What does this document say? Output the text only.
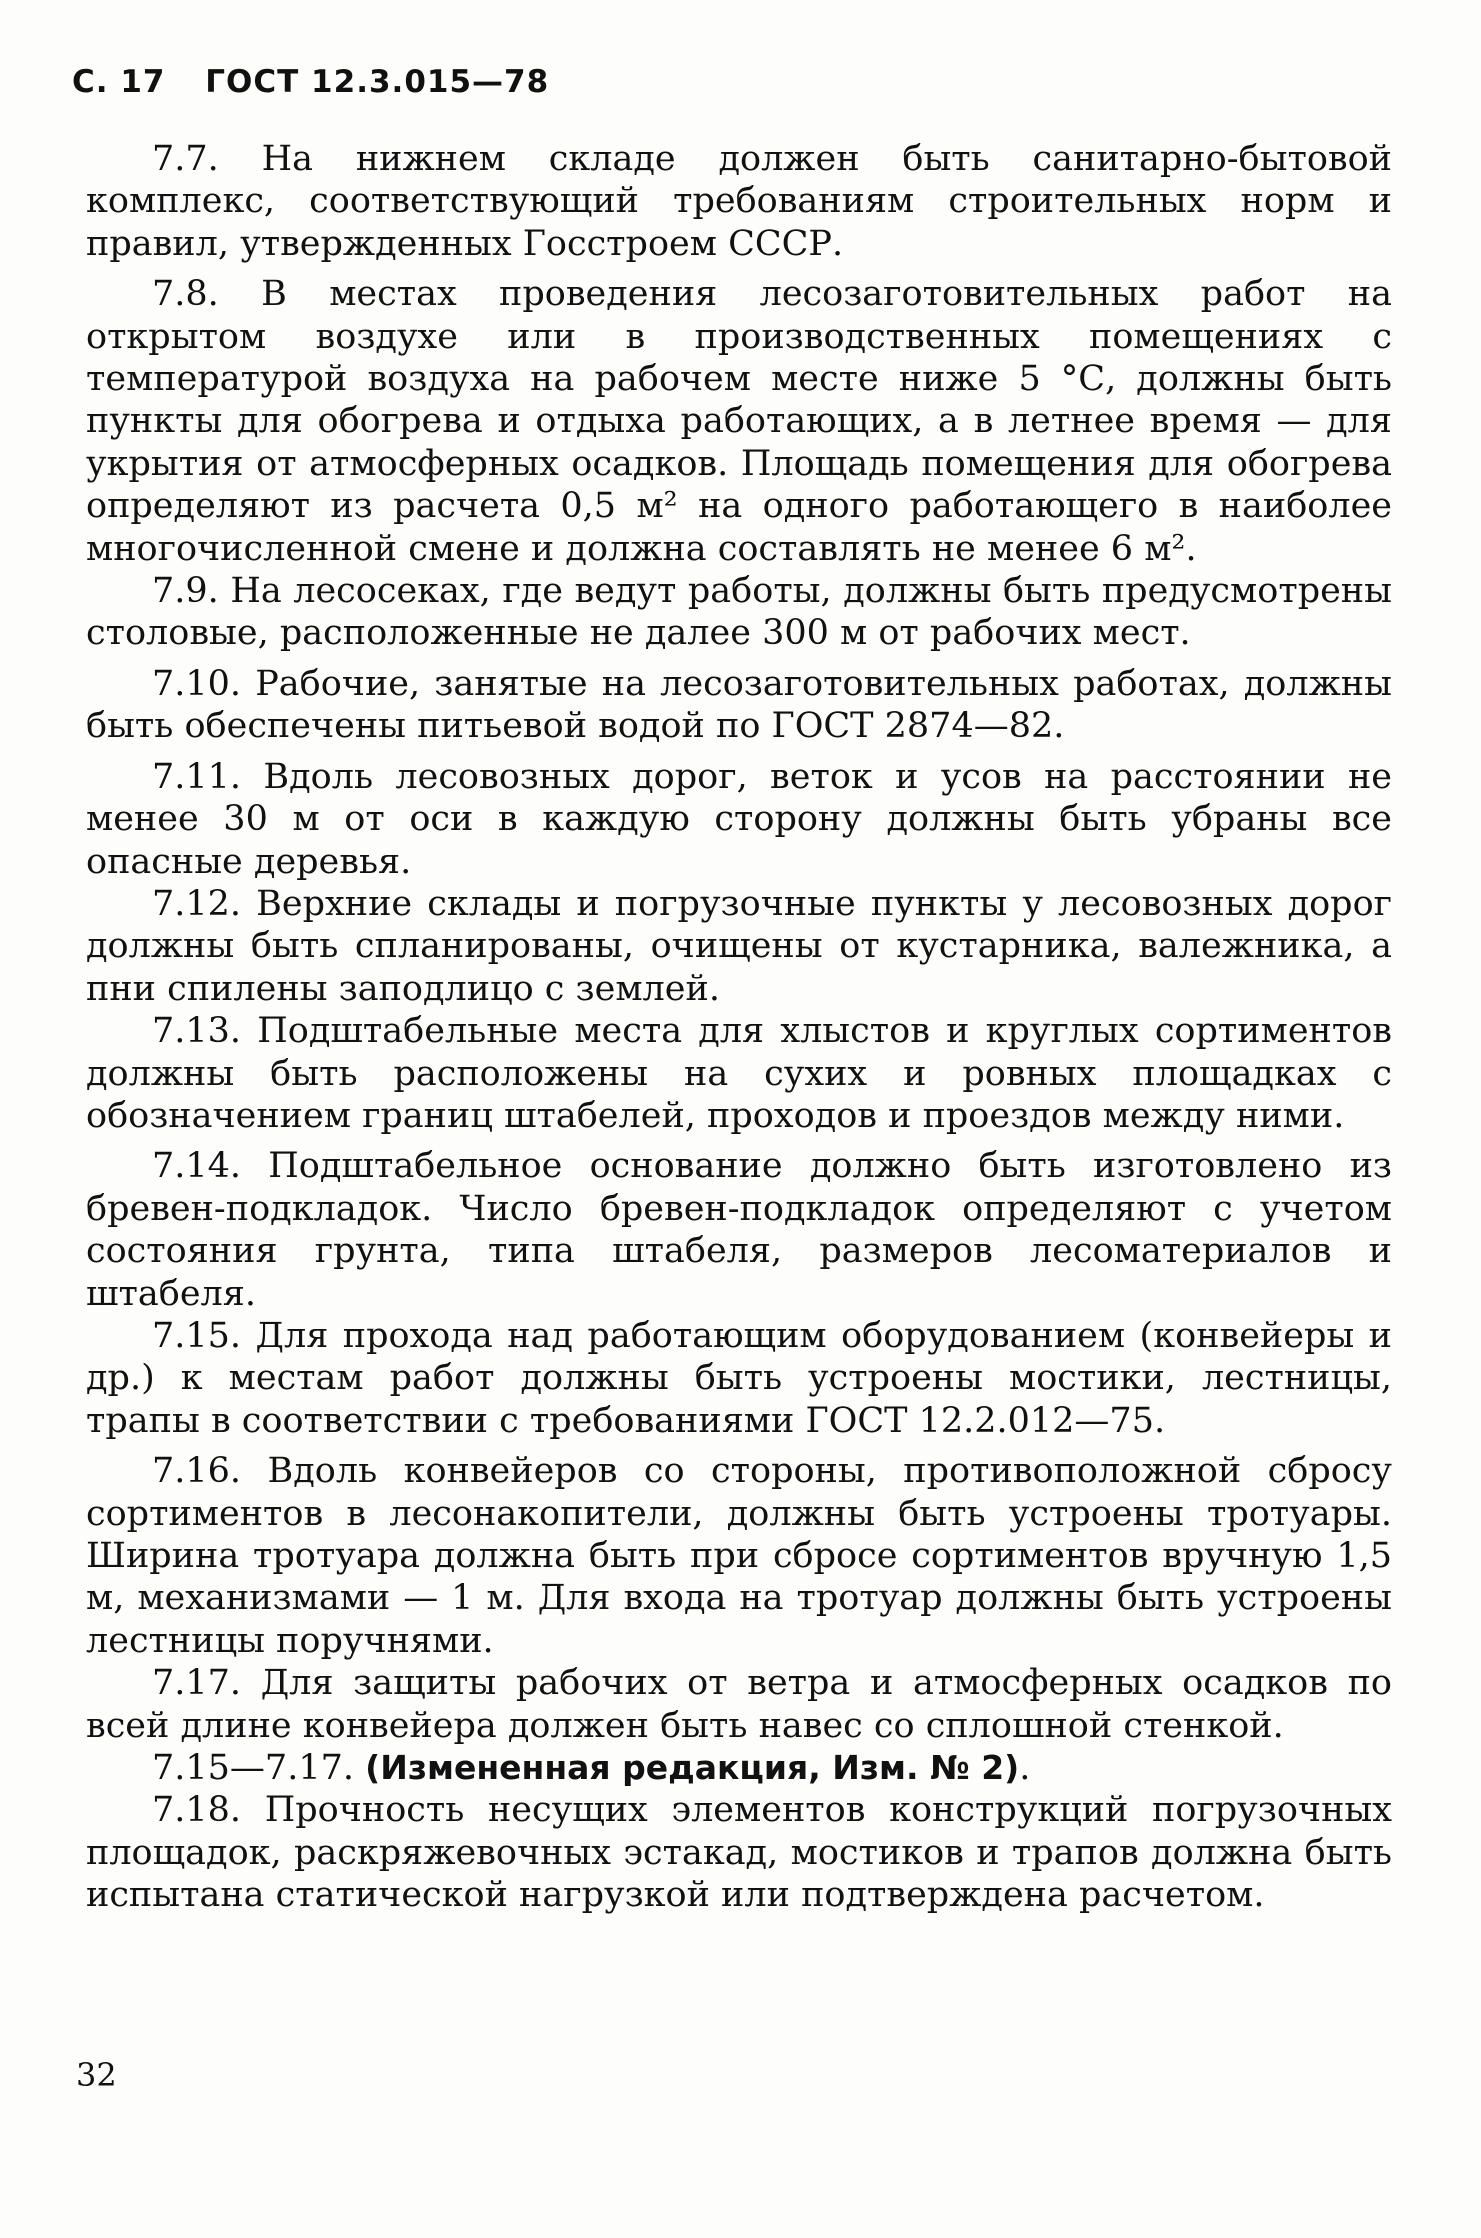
С. 17 ГОСТ 12.3.015—78

7.7. На нижнем складе должен быть санитарно-бытовой комплекс, соответствующий требованиям строительных норм и правил, утвержденных Госстроем СССР.

7.8. В местах проведения лесозаготовительных работ на открытом воздухе или в производственных помещениях с температурой воздуха на рабочем месте ниже 5 °С, должны быть пункты для обогрева и отдыха работающих, а в летнее время — для укрытия от атмосферных осадков. Площадь помещения для обогрева определяют из расчета 0,5 м² на одного работающего в наиболее многочисленной смене и должна составлять не менее 6 м².

7.9. На лесосеках, где ведут работы, должны быть предусмотрены столовые, расположенные не далее 300 м от рабочих мест.

7.10. Рабочие, занятые на лесозаготовительных работах, должны быть обеспечены питьевой водой по ГОСТ 2874—82.

7.11. Вдоль лесовозных дорог, веток и усов на расстоянии не менее 30 м от оси в каждую сторону должны быть убраны все опасные деревья.

7.12. Верхние склады и погрузочные пункты у лесовозных дорог должны быть спланированы, очищены от кустарника, валежника, а пни спилены заподлицо с землей.

7.13. Подштабельные места для хлыстов и круглых сортиментов должны быть расположены на сухих и ровных площадках с обозначением границ штабелей, проходов и проездов между ними.

7.14. Подштабельное основание должно быть изготовлено из бревен-подкладок. Число бревен-подкладок определяют с учетом состояния грунта, типа штабеля, размеров лесоматериалов и штабеля.

7.15. Для прохода над работающим оборудованием (конвейеры и др.) к местам работ должны быть устроены мостики, лестницы, трапы в соответствии с требованиями ГОСТ 12.2.012—75.

7.16. Вдоль конвейеров со стороны, противоположной сбросу сортиментов в лесонакопители, должны быть устроены тротуары. Ширина тротуара должна быть при сбросе сортиментов вручную 1,5 м, механизмами — 1 м. Для входа на тротуар должны быть устроены лестницы поручнями.

7.17. Для защиты рабочих от ветра и атмосферных осадков по всей длине конвейера должен быть навес со сплошной стенкой.

7.15—7.17. (Измененная редакция, Изм. № 2).

7.18. Прочность несущих элементов конструкций погрузочных площадок, раскряжевочных эстакад, мостиков и трапов должна быть испытана статической нагрузкой или подтверждена расчетом.

32
